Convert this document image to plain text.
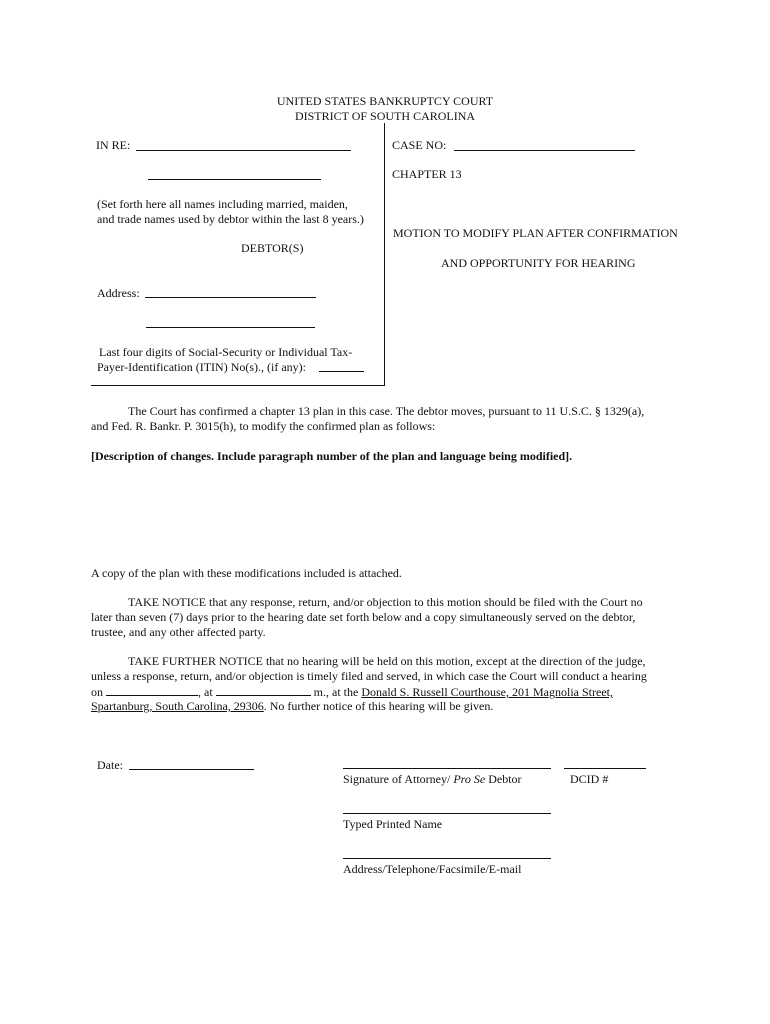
UNITED STATES BANKRUPTCY COURT
DISTRICT OF SOUTH CAROLINA
IN RE:
(Set forth here all names including married, maiden,
and trade names used by debtor within the last 8 years.)
DEBTOR(S)
Address:
Last four digits of Social-Security or Individual Tax-
Payer-Identification (ITIN) No(s)., (if any):
CASE NO:
CHAPTER 13
MOTION TO MODIFY PLAN AFTER CONFIRMATION
AND OPPORTUNITY FOR HEARING
The Court has confirmed a chapter 13 plan in this case. The debtor moves, pursuant to 11 U.S.C. § 1329(a),
and Fed. R. Bankr. P. 3015(h), to modify the confirmed plan as follows:
[Description of changes. Include paragraph number of the plan and language being modified].
A copy of the plan with these modifications included is attached.
TAKE NOTICE that any response, return, and/or objection to this motion should be filed with the Court no
later than seven (7) days prior to the hearing date set forth below and a copy simultaneously served on the debtor,
trustee, and any other affected party.
TAKE FURTHER NOTICE that no hearing will be held on this motion, except at the direction of the judge,
unless a response, return, and/or objection is timely filed and served, in which case the Court will conduct a hearing
on	, at	m., at the Donald S. Russell Courthouse, 201 Magnolia Street,
Spartanburg, South Carolina, 29306. No further notice of this hearing will be given.
Date:
Signature of Attorney/ Pro Se Debtor	DCID #
Typed Printed Name
Address/Telephone/Facsimile/E-mail
